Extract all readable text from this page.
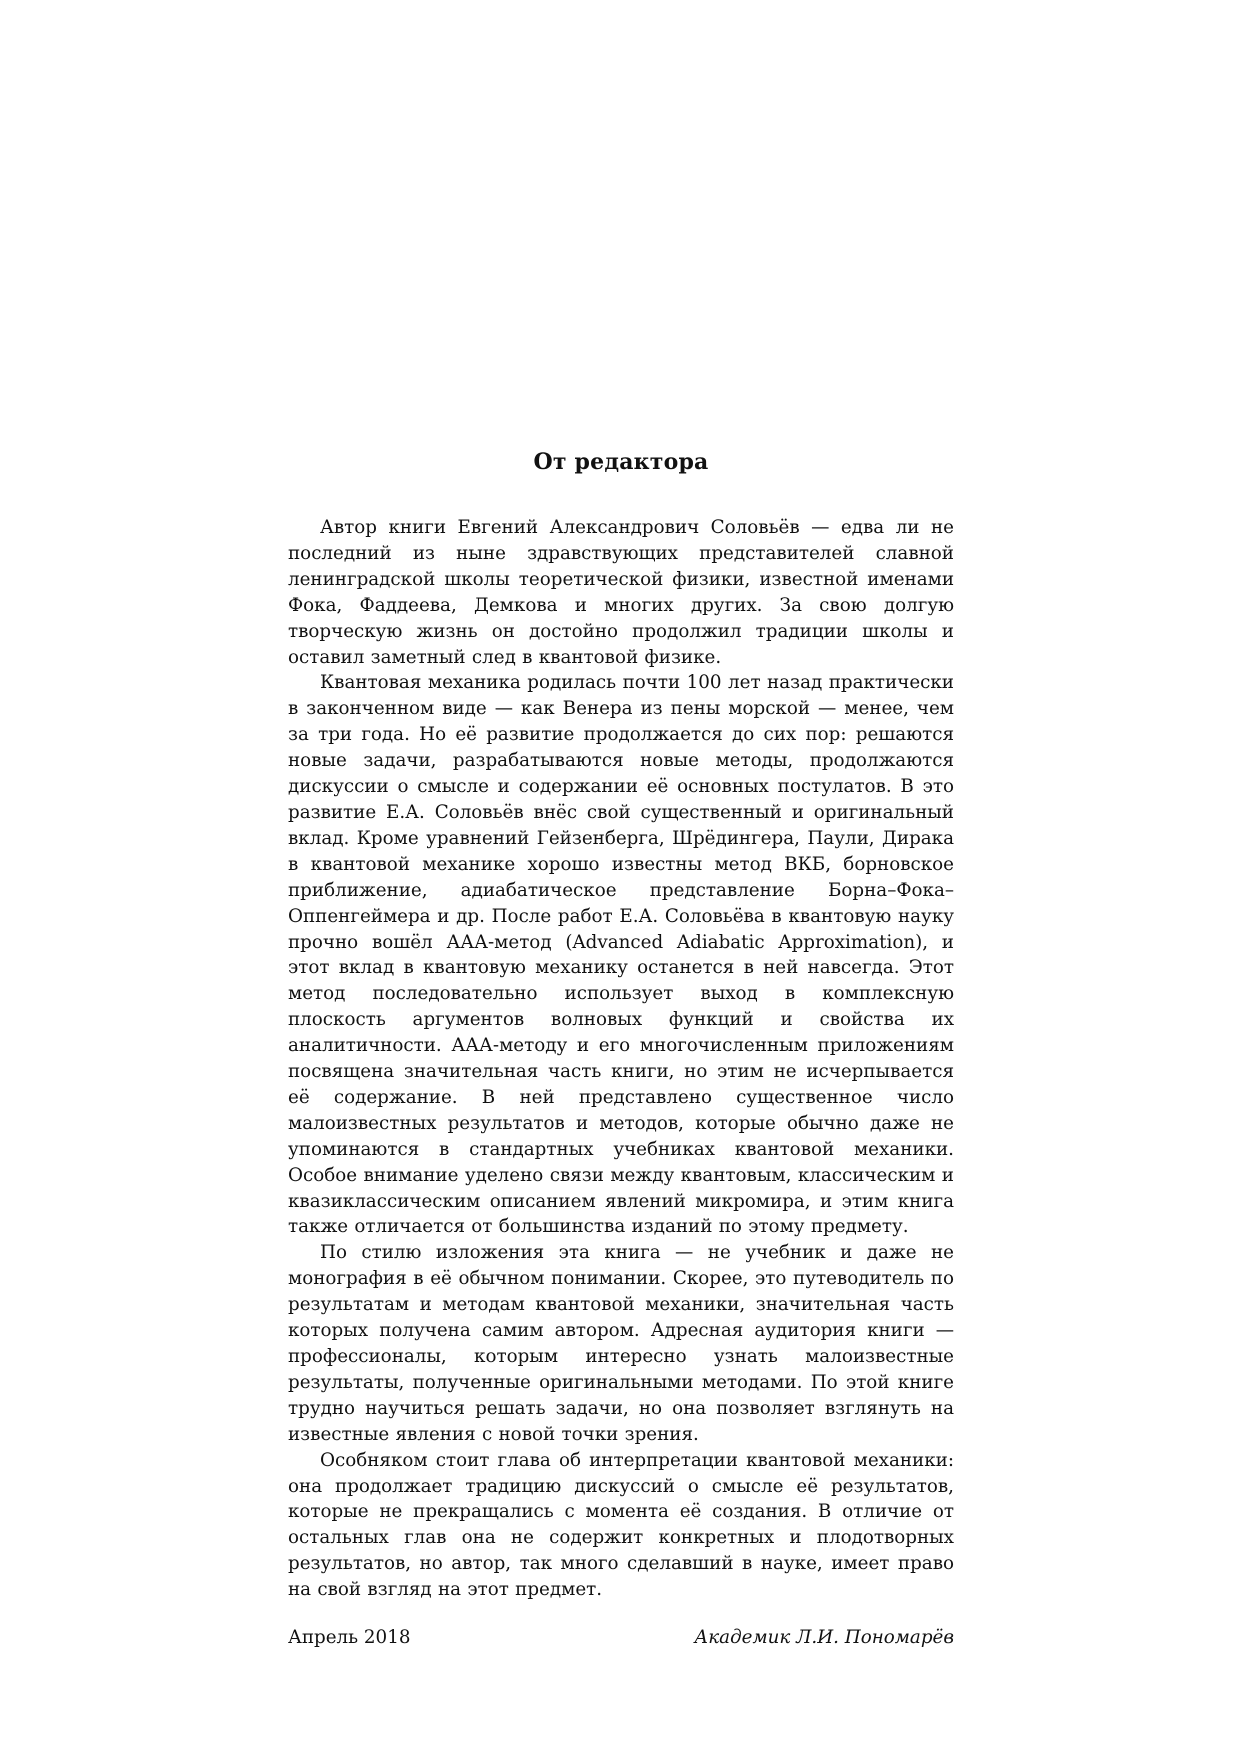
От редактора

Автор книги Евгений Александрович Соловьёв — едва ли не последний из ныне здравствующих представителей славной ленинградской школы теоретической физики, известной именами Фока, Фаддеева, Демкова и многих других. За свою долгую творческую жизнь он достойно продолжил традиции школы и оставил заметный след в квантовой физике.

Квантовая механика родилась почти 100 лет назад практически в законченном виде — как Венера из пены морской — менее, чем за три года. Но её развитие продолжается до сих пор: решаются новые задачи, разрабатываются новые методы, продолжаются дискуссии о смысле и содержании её основных постулатов. В это развитие Е.А. Соловьёв внёс свой существенный и оригинальный вклад. Кроме уравнений Гейзенберга, Шрёдингера, Паули, Дирака в квантовой механике хорошо известны метод ВКБ, борновское приближение, адиабатическое представление Борна–Фока–Оппенгеймера и др. После работ Е.А. Соловьёва в квантовую науку прочно вошёл ААА-метод (Advanced Adiabatic Approximation), и этот вклад в квантовую механику останется в ней навсегда. Этот метод последовательно использует выход в комплексную плоскость аргументов волновых функций и свойства их аналитичности. ААА-методу и его многочисленным приложениям посвящена значительная часть книги, но этим не исчерпывается её содержание. В ней представлено существенное число малоизвестных результатов и методов, которые обычно даже не упоминаются в стандартных учебниках квантовой механики. Особое внимание уделено связи между квантовым, классическим и квазиклассическим описанием явлений микромира, и этим книга также отличается от большинства изданий по этому предмету.

По стилю изложения эта книга — не учебник и даже не монография в её обычном понимании. Скорее, это путеводитель по результатам и методам квантовой механики, значительная часть которых получена самим автором. Адресная аудитория книги — профессионалы, которым интересно узнать малоизвестные результаты, полученные оригинальными методами. По этой книге трудно научиться решать задачи, но она позволяет взглянуть на известные явления с новой точки зрения.

Особняком стоит глава об интерпретации квантовой механики: она продолжает традицию дискуссий о смысле её результатов, которые не прекращались с момента её создания. В отличие от остальных глав она не содержит конкретных и плодотворных результатов, но автор, так много сделавший в науке, имеет право на свой взгляд на этот предмет.

Апрель 2018	Академик Л.И. Пономарёв
